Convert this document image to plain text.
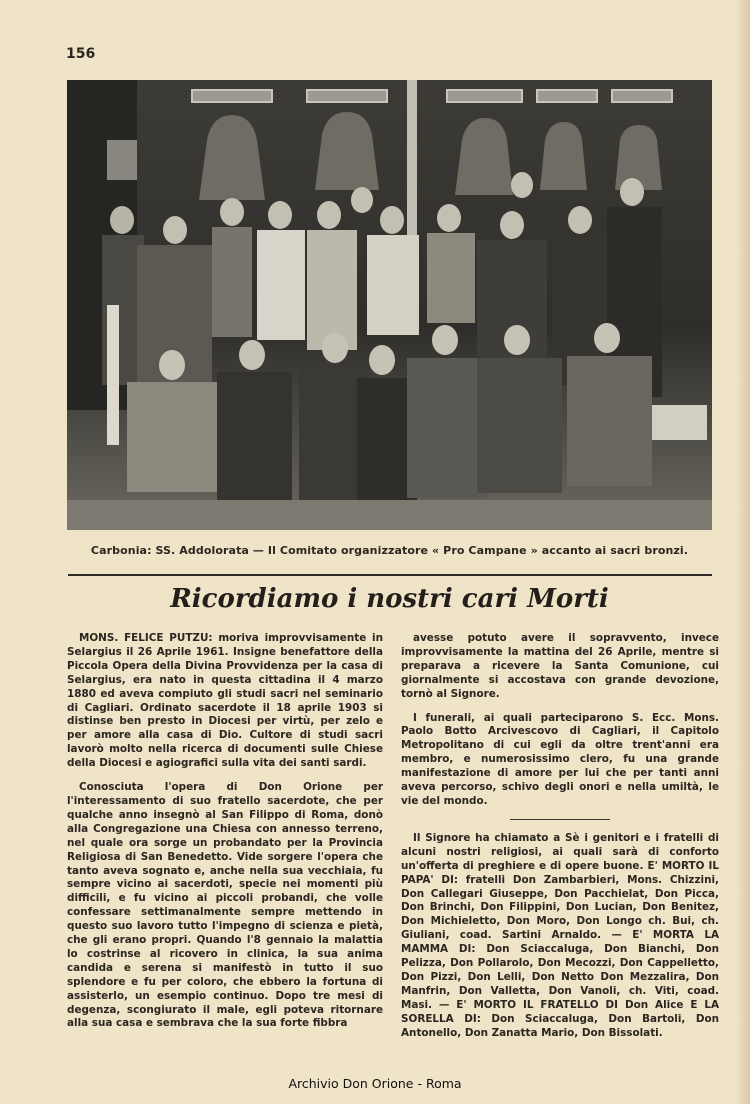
156
Carbonia: SS. Addolorata — Il Comitato organizzatore « Pro Campane » accanto ai sacri bronzi.
Ricordiamo i nostri cari Morti

MONS. FELICE PUTZU: moriva improvvisamente in Selargius il 26 Aprile 1961. Insigne benefattore della Piccola Opera della Divina Provvidenza per la casa di Selargius, era nato in questa cittadina il 4 marzo 1880 ed aveva compiuto gli studi sacri nel seminario di Cagliari. Ordinato sacerdote il 18 aprile 1903 si distinse ben presto in Diocesi per virtù, per zelo e per amore alla casa di Dio. Cultore di studi sacri lavorò molto nella ricerca di documenti sulle Chiese della Diocesi e agiografici sulla vita dei santi sardi.

Conosciuta l'opera di Don Orione per l'interessamento di suo fratello sacerdote, che per qualche anno insegnò al San Filippo di Roma, donò alla Congregazione una Chiesa con annesso terreno, nel quale ora sorge un probandato per la Provincia Religiosa di San Benedetto. Vide sorgere l'opera che tanto aveva sognato e, anche nella sua vecchiaia, fu sempre vicino ai sacerdoti, specie nei momenti più difficili, e fu vicino ai piccoli probandi, che volle confessare settimanalmente sempre mettendo in questo suo lavoro tutto l'impegno di scienza e pietà, che gli erano propri. Quando l'8 gennaio la malattia lo costrinse al ricovero in clinica, la sua anima candida e serena si manifestò in tutto il suo splendore e fu per coloro, che ebbero la fortuna di assisterlo, un esempio continuo. Dopo tre mesi di degenza, scongiurato il male, egli poteva ritornare alla sua casa e sembrava che la sua forte fibbra

avesse potuto avere il sopravvento, invece improvvisamente la mattina del 26 Aprile, mentre si preparava a ricevere la Santa Comunione, cui giornalmente si accostava con grande devozione, tornò al Signore.

I funerali, ai quali parteciparono S. Ecc. Mons. Paolo Botto Arcivescovo di Cagliari, il Capitolo Metropolitano di cui egli da oltre trent'anni era membro, e numerosissimo clero, fu una grande manifestazione di amore per lui che per tanti anni aveva percorso, schivo degli onori e nella umiltà, le vie del mondo.

Il Signore ha chiamato a Sè i genitori e i fratelli di alcuni nostri religiosi, ai quali sarà di conforto un'offerta di preghiere e di opere buone. E' MORTO IL PAPA' DI: fratelli Don Zambarbieri, Mons. Chizzini, Don Callegari Giuseppe, Don Pacchielat, Don Picca, Don Brinchi, Don Filippini, Don Lucian, Don Benitez, Don Michieletto, Don Moro, Don Longo ch. Bui, ch. Giuliani, coad. Sartini Arnaldo. — E' MORTA LA MAMMA DI: Don Sciaccaluga, Don Bianchi, Don Pelizza, Don Pollarolo, Don Mecozzi, Don Cappelletto, Don Pizzi, Don Lelli, Don Netto Don Mezzalira, Don Manfrin, Don Valletta, Don Vanoli, ch. Viti, coad. Masi. — E' MORTO IL FRATELLO DI Don Alice E LA SORELLA DI: Don Sciaccaluga, Don Bartoli, Don Antonello, Don Zanatta Mario, Don Bissolati.

Archivio Don Orione - Roma
